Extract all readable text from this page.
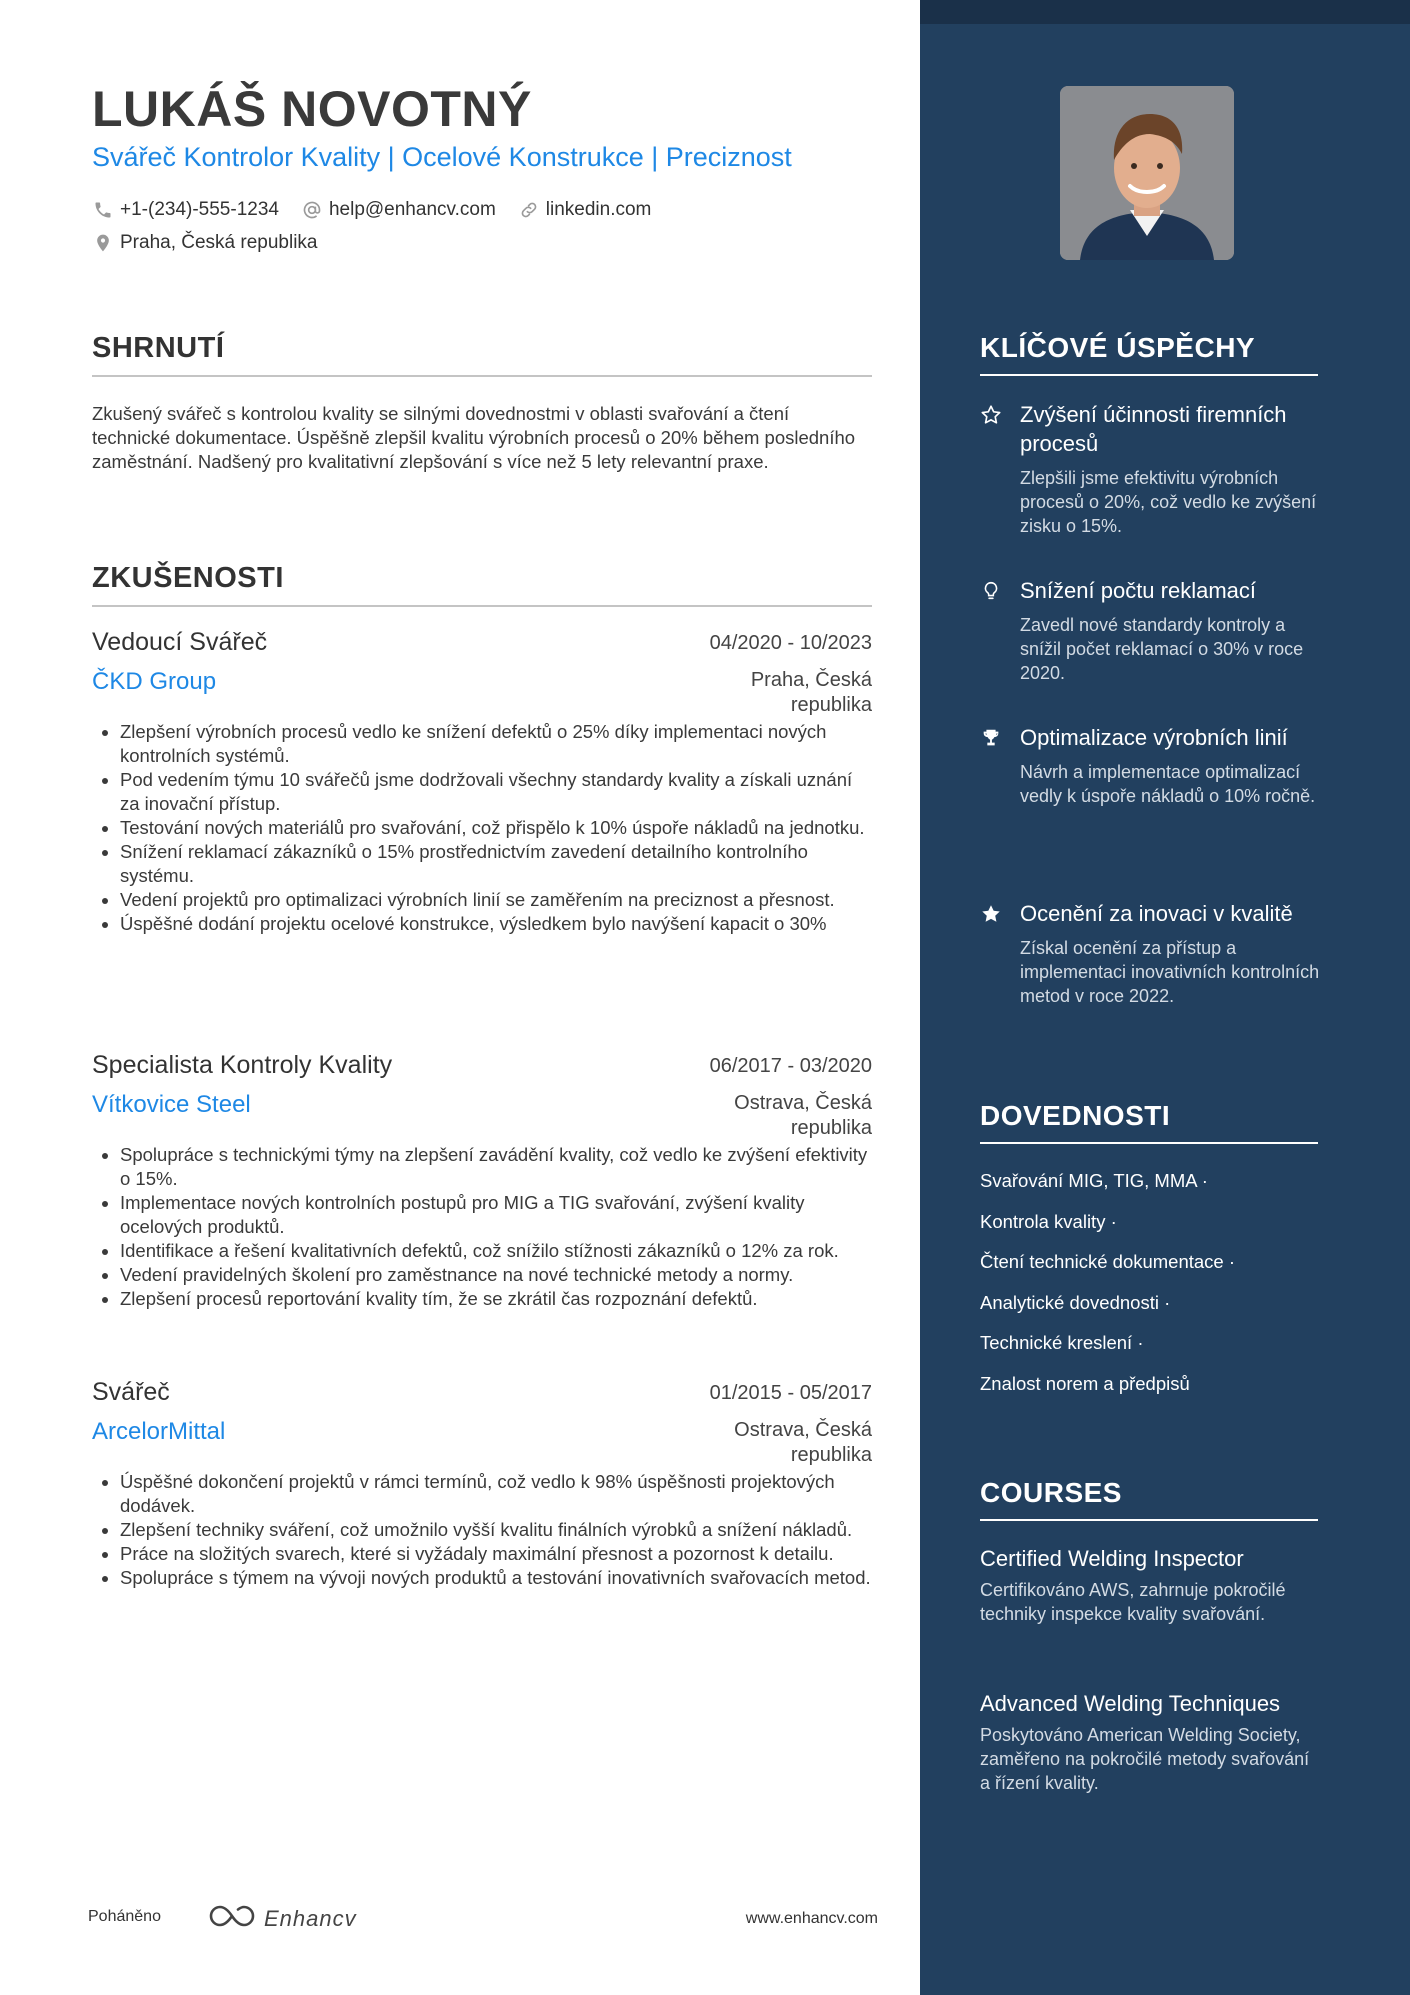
LUKÁŠ NOVOTNÝ
Svářeč Kontrolor Kvality | Ocelové Konstrukce | Preciznost
+1-(234)-555-1234	help@enhancv.com	linkedin.com
Praha, Česká republika
SHRNUTÍ

Zkušený svářeč s kontrolou kvality se silnými dovednostmi v oblasti svařování a čtení technické dokumentace. Úspěšně zlepšil kvalitu výrobních procesů o 20% během posledního zaměstnání. Nadšený pro kvalitativní zlepšování s více než 5 lety relevantní praxe.

ZKUŠENOSTI
Vedoucí Svářeč	04/2020 - 10/2023
ČKD Group	Praha, Česká republika
• Zlepšení výrobních procesů vedlo ke snížení defektů o 25% díky implementaci nových kontrolních systémů.
• Pod vedením týmu 10 svářečů jsme dodržovali všechny standardy kvality a získali uznání za inovační přístup.
• Testování nových materiálů pro svařování, což přispělo k 10% úspoře nákladů na jednotku.
• Snížení reklamací zákazníků o 15% prostřednictvím zavedení detailního kontrolního systému.
• Vedení projektů pro optimalizaci výrobních linií se zaměřením na preciznost a přesnost.
• Úspěšné dodání projektu ocelové konstrukce, výsledkem bylo navýšení kapacit o 30%
Specialista Kontroly Kvality	06/2017 - 03/2020
Vítkovice Steel	Ostrava, Česká republika
• Spolupráce s technickými týmy na zlepšení zavádění kvality, což vedlo ke zvýšení efektivity o 15%.
• Implementace nových kontrolních postupů pro MIG a TIG svařování, zvýšení kvality ocelových produktů.
• Identifikace a řešení kvalitativních defektů, což snížilo stížnosti zákazníků o 12% za rok.
• Vedení pravidelných školení pro zaměstnance na nové technické metody a normy.
• Zlepšení procesů reportování kvality tím, že se zkrátil čas rozpoznání defektů.
Svářeč	01/2015 - 05/2017
ArcelorMittal	Ostrava, Česká republika
• Úspěšné dokončení projektů v rámci termínů, což vedlo k 98% úspěšnosti projektových dodávek.
• Zlepšení techniky sváření, což umožnilo vyšší kvalitu finálních výrobků a snížení nákladů.
• Práce na složitých svarech, které si vyžádaly maximální přesnost a pozornost k detailu.
• Spolupráce s týmem na vývoji nových produktů a testování inovativních svařovacích metod.
Poháněno	Enhancv	www.enhancv.com
KLÍČOVÉ ÚSPĚCHY
Zvýšení účinnosti firemních procesů
Zlepšili jsme efektivitu výrobních procesů o 20%, což vedlo ke zvýšení zisku o 15%.
Snížení počtu reklamací
Zavedl nové standardy kontroly a snížil počet reklamací o 30% v roce 2020.
Optimalizace výrobních linií
Návrh a implementace optimalizací vedly k úspoře nákladů o 10% ročně.
Ocenění za inovaci v kvalitě
Získal ocenění za přístup a implementaci inovativních kontrolních metod v roce 2022.
DOVEDNOSTI
Svařování MIG, TIG, MMA ·
Kontrola kvality ·
Čtení technické dokumentace ·
Analytické dovednosti ·
Technické kreslení ·
Znalost norem a předpisů
COURSES
Certified Welding Inspector
Certifikováno AWS, zahrnuje pokročilé techniky inspekce kvality svařování.
Advanced Welding Techniques
Poskytováno American Welding Society, zaměřeno na pokročilé metody svařování a řízení kvality.
